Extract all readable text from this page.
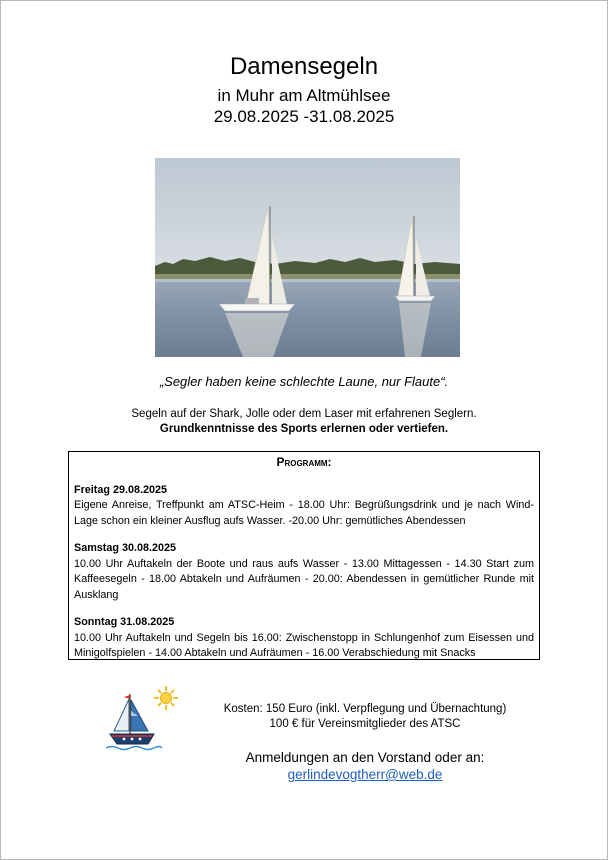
Damensegeln
in Muhr am Altmühlsee
29.08.2025 -31.08.2025
„Segler haben keine schlechte Laune, nur Flaute“.
Segeln auf der Shark, Jolle oder dem Laser mit erfahrenen Seglern.
Grundkenntnisse des Sports erlernen oder vertiefen.
Programm:
Freitag 29.08.2025
Eigene Anreise, Treffpunkt am ATSC-Heim - 18.00 Uhr: Begrüßungsdrink und je nach Wind-Lage schon ein kleiner Ausflug aufs Wasser. -20.00 Uhr: gemütliches Abendessen
Samstag 30.08.2025
10.00 Uhr Auftakeln der Boote und raus aufs Wasser - 13.00 Mittagessen - 14.30 Start zum Kaffeesegeln - 18.00 Abtakeln und Aufräumen - 20.00: Abendessen in gemütlicher Runde mit Ausklang
Sonntag 31.08.2025
10.00 Uhr Auftakeln und Segeln bis 16.00: Zwischenstopp in Schlungenhof zum Eisessen und Minigolfspielen - 14.00 Abtakeln und Aufräumen - 16.00 Verabschiedung mit Snacks
Kosten: 150 Euro (inkl. Verpflegung und Übernachtung)
100 € für Vereinsmitglieder des ATSC
Anmeldungen an den Vorstand oder an:
gerlindevogtherr@web.de
